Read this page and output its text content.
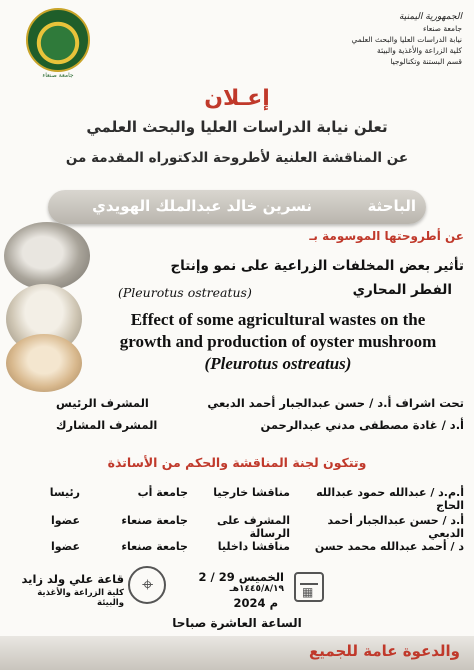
جامعة صنعاء
الجمهورية اليمنية
جامعة صنعاء
نيابة الدراسات العليا والبحث العلمي
كلية الزراعة والأغذية والبيئة
قسم البستنة وتكنالوجيا
إعـلان
تعلن نيابة الدراسات العليا والبحث العلمي
عن المناقشة العلنية لأطروحة الدكتوراه المقدمة من
الباحثة
نسرين خالد عبدالملك الهويدي
عن أطروحتها الموسومة بـ
تأثير بعض المخلفات الزراعية على نمو وإنتاج
الفطر المحاري
(Pleurotus ostreatus)
Effect of some agricultural wastes on the
growth and production of oyster mushroom
(Pleurotus ostreatus)
تحت اشراف أ.د / حسن عبدالجبار أحمد الدبعي
المشرف الرئيس
أ.د / غادة مصطفى مدني عبدالرحمن
المشرف المشارك
وتتكون لجنة المناقشة والحكم من الأساتذة
أ.م.د / عبدالله حمود عبدالله الحاج
مناقشا خارجيا
جامعة أب
رئيسا
أ.د / حسن عبدالجبار أحمد الدبعي
المشرف على الرسالة
جامعة صنعاء
عضوا
د / أحمد عبدالله محمد حسن
مناقشا داخليا
جامعة صنعاء
عضوا
▦
الخميس 29 / 2
١٤٤٥/٨/١٩هـ
2024 م
⌖
قاعة علي ولد زايد
كلية الزراعة والأغذية والبيئة
الساعة العاشرة صباحا
والدعوة عامة للجميع
